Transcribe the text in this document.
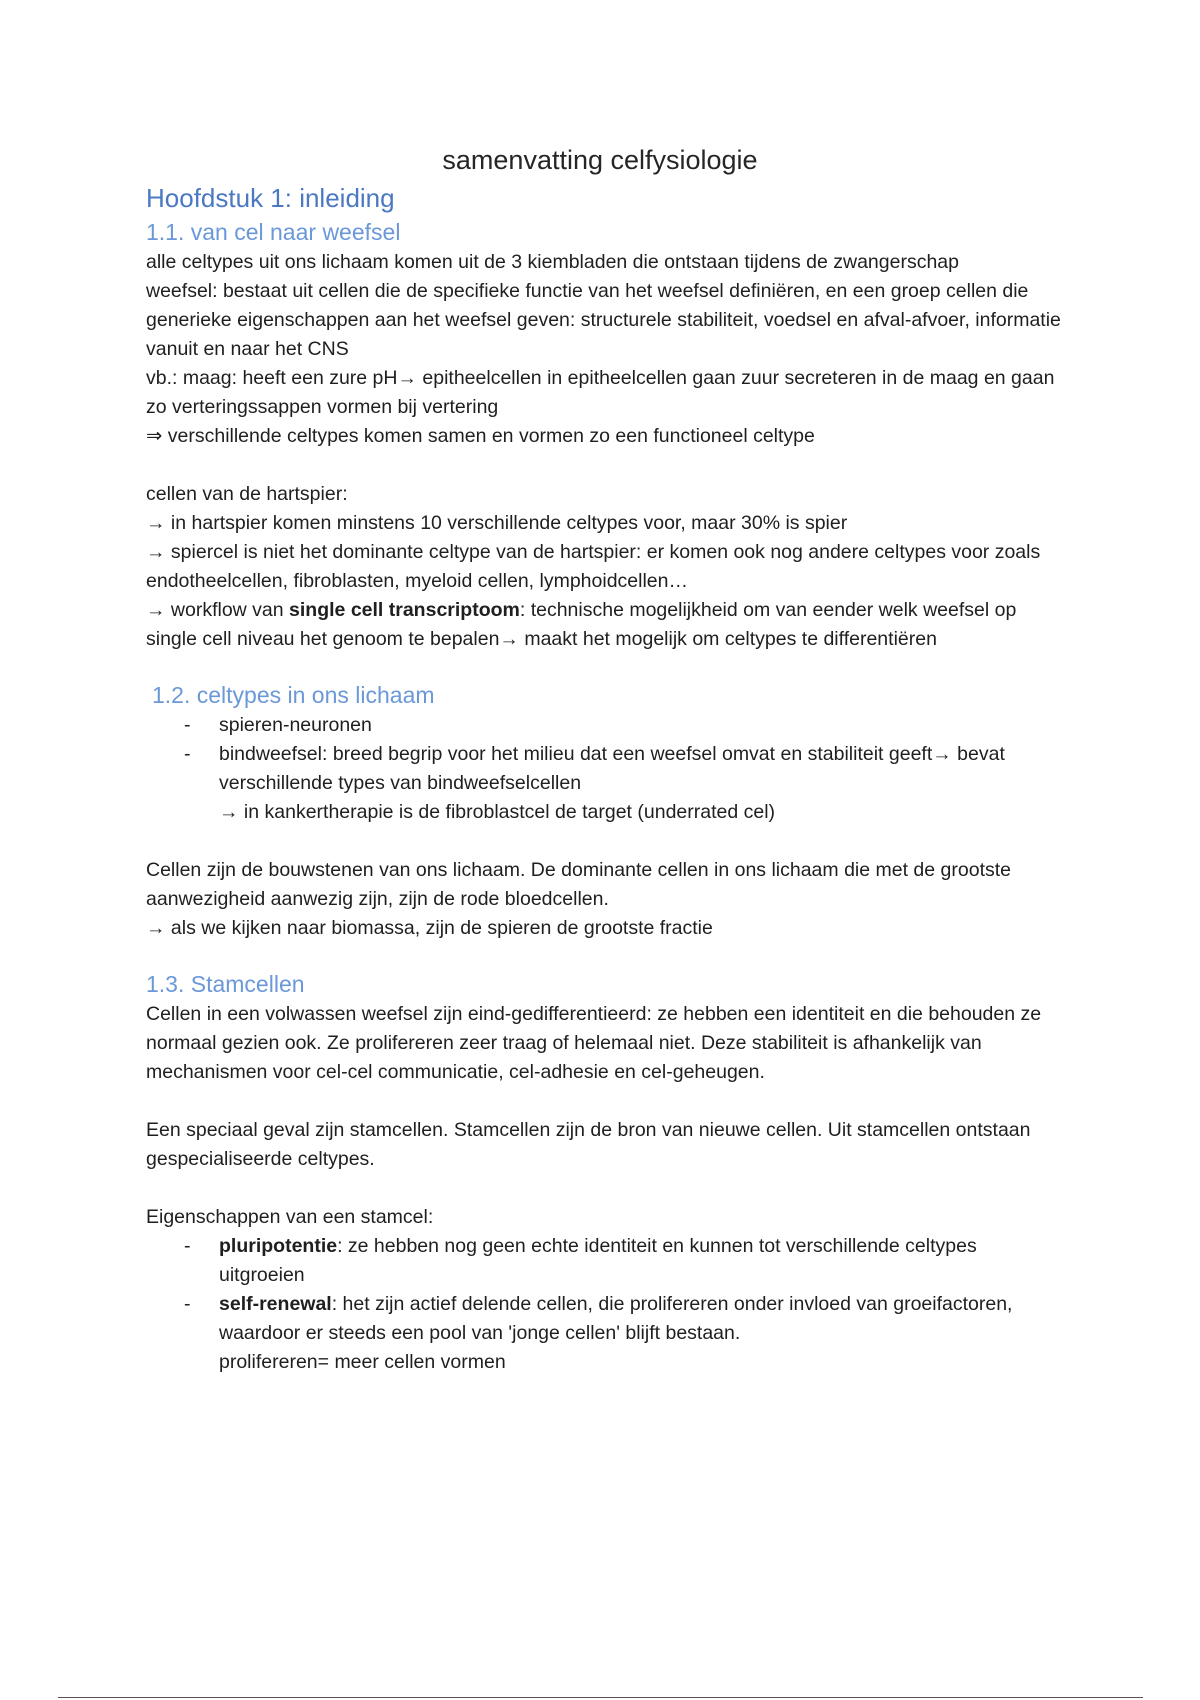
samenvatting celfysiologie
Hoofdstuk 1: inleiding
1.1. van cel naar weefsel

alle celtypes uit ons lichaam komen uit de 3 kiembladen die ontstaan tijdens de zwangerschap

weefsel: bestaat uit cellen die de specifieke functie van het weefsel definiëren, en een groep cellen die generieke eigenschappen aan het weefsel geven: structurele stabiliteit, voedsel en afval-afvoer, informatie vanuit en naar het CNS

vb.: maag: heeft een zure pH→ epitheelcellen in epitheelcellen gaan zuur secreteren in de maag en gaan zo verteringssappen vormen bij vertering

⇒ verschillende celtypes komen samen en vormen zo een functioneel celtype

cellen van de hartspier:

→ in hartspier komen minstens 10 verschillende celtypes voor, maar 30% is spier

→ spiercel is niet het dominante celtype van de hartspier: er komen ook nog andere celtypes voor zoals endotheelcellen, fibroblasten, myeloid cellen, lymphoidcellen…

→ workflow van single cell transcriptoom: technische mogelijkheid om van eender welk weefsel op single cell niveau het genoom te bepalen→ maakt het mogelijk om celtypes te differentiëren

1.2. celtypes in ons lichaam
- spieren-neuronen
- bindweefsel: breed begrip voor het milieu dat een weefsel omvat en stabiliteit geeft→ bevat verschillende types van bindweefselcellen
→ in kankertherapie is de fibroblastcel de target (underrated cel)

Cellen zijn de bouwstenen van ons lichaam. De dominante cellen in ons lichaam die met de grootste aanwezigheid aanwezig zijn, zijn de rode bloedcellen.

→ als we kijken naar biomassa, zijn de spieren de grootste fractie

1.3. Stamcellen

Cellen in een volwassen weefsel zijn eind-gedifferentieerd: ze hebben een identiteit en die behouden ze normaal gezien ook. Ze prolifereren zeer traag of helemaal niet. Deze stabiliteit is afhankelijk van mechanismen voor cel-cel communicatie, cel-adhesie en cel-geheugen.

Een speciaal geval zijn stamcellen. Stamcellen zijn de bron van nieuwe cellen. Uit stamcellen ontstaan gespecialiseerde celtypes.

Eigenschappen van een stamcel:

- pluripotentie: ze hebben nog geen echte identiteit en kunnen tot verschillende celtypes uitgroeien
- self-renewal: het zijn actief delende cellen, die prolifereren onder invloed van groeifactoren, waardoor er steeds een pool van 'jonge cellen' blijft bestaan.
prolifereren= meer cellen vormen
